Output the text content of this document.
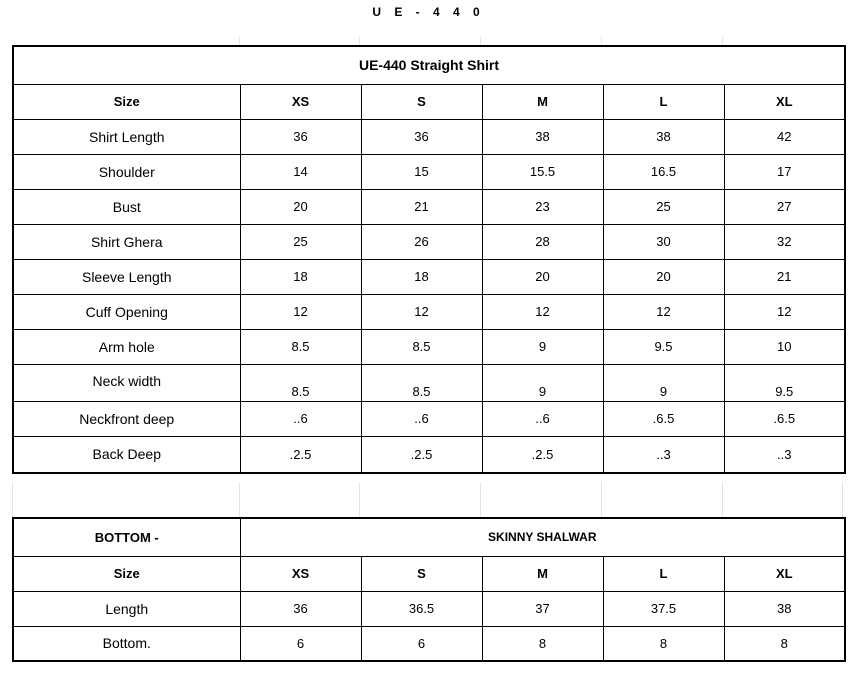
U E - 4 4 0
UE-440 Straight Shirt					
Size	XS	S	M	L	XL
Shirt Length	36	36	38	38	42
Shoulder	14	15	15.5	16.5	17
Bust	20	21	23	25	27
Shirt Ghera	25	26	28	30	32
Sleeve Length	18	18	20	20	21
Cuff Opening	12	12	12	12	12
Arm hole	8.5	8.5	9	9.5	10
Neck width	8.5	8.5	9	9	9.5
Neckfront deep	..6	..6	..6	.6.5	.6.5
Back Deep	.2.5	.2.5	.2.5	..3	..3
BOTTOM -	SKINNY SHALWAR				
Size	XS	S	M	L	XL
Length	36	36.5	37	37.5	38
Bottom.	6	6	8	8	8
